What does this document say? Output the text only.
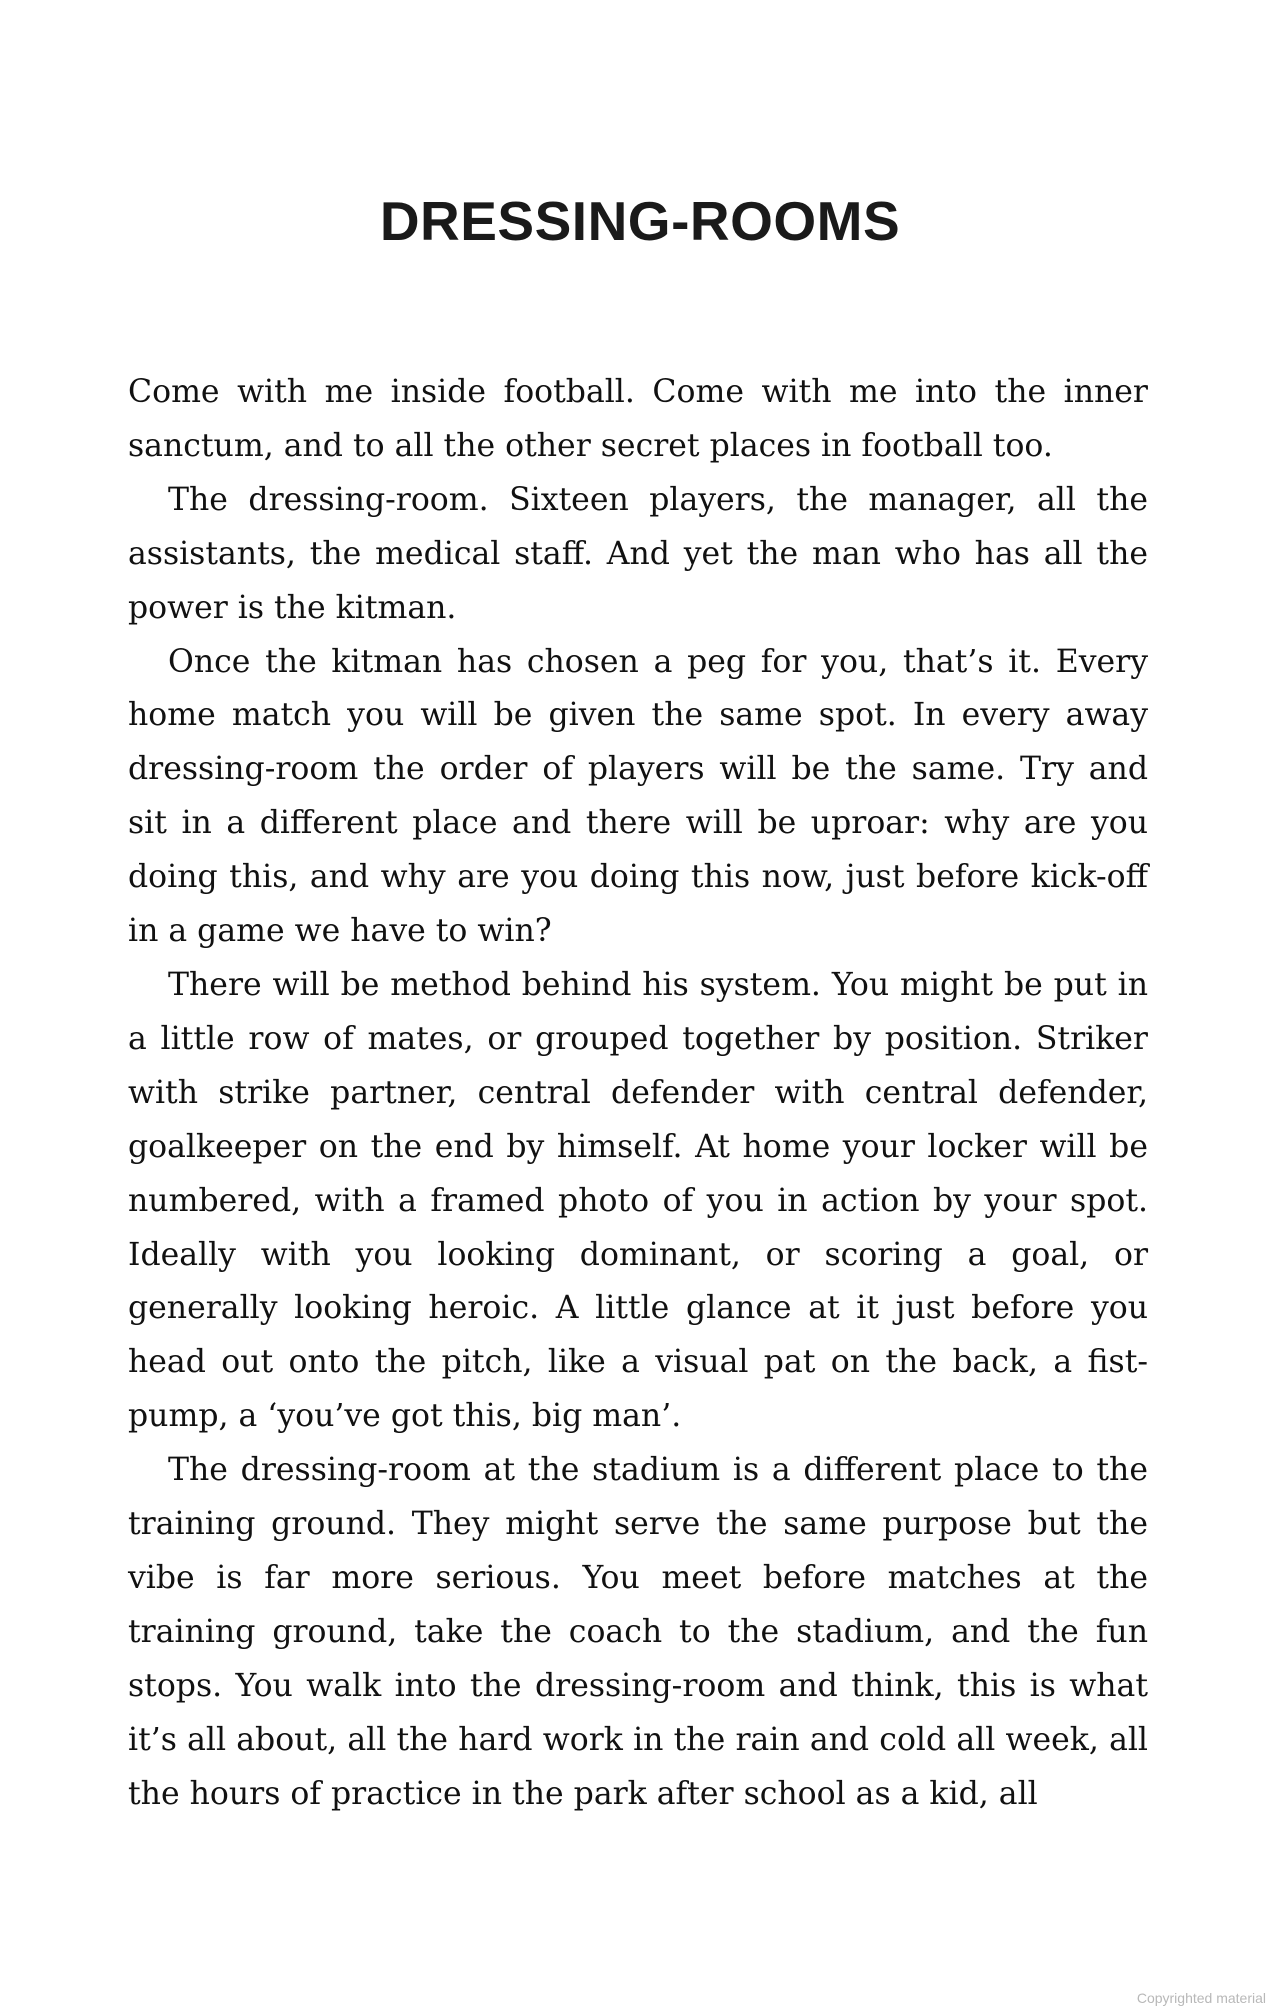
DRESSING-ROOMS

Come with me inside football. Come with me into the inner sanctum, and to all the other secret places in football too.

The dressing-room. Sixteen players, the manager, all the assistants, the medical staff. And yet the man who has all the power is the kitman.

Once the kitman has chosen a peg for you, that’s it. Every home match you will be given the same spot. In every away dressing-room the order of players will be the same. Try and sit in a different place and there will be uproar: why are you doing this, and why are you doing this now, just before kick-off in a game we have to win?

There will be method behind his system. You might be put in a little row of mates, or grouped together by position. Striker with strike partner, central defender with central defender, goalkeeper on the end by himself. At home your locker will be numbered, with a framed photo of you in action by your spot. Ideally with you looking dominant, or scoring a goal, or generally looking heroic. A little glance at it just before you head out onto the pitch, like a visual pat on the back, a fist-pump, a ‘you’ve got this, big man’.

The dressing-room at the stadium is a different place to the training ground. They might serve the same purpose but the vibe is far more serious. You meet before matches at the training ground, take the coach to the stadium, and the fun stops. You walk into the dressing-room and think, this is what it’s all about, all the hard work in the rain and cold all week, all the hours of practice in the park after school as a kid, all

Copyrighted material
